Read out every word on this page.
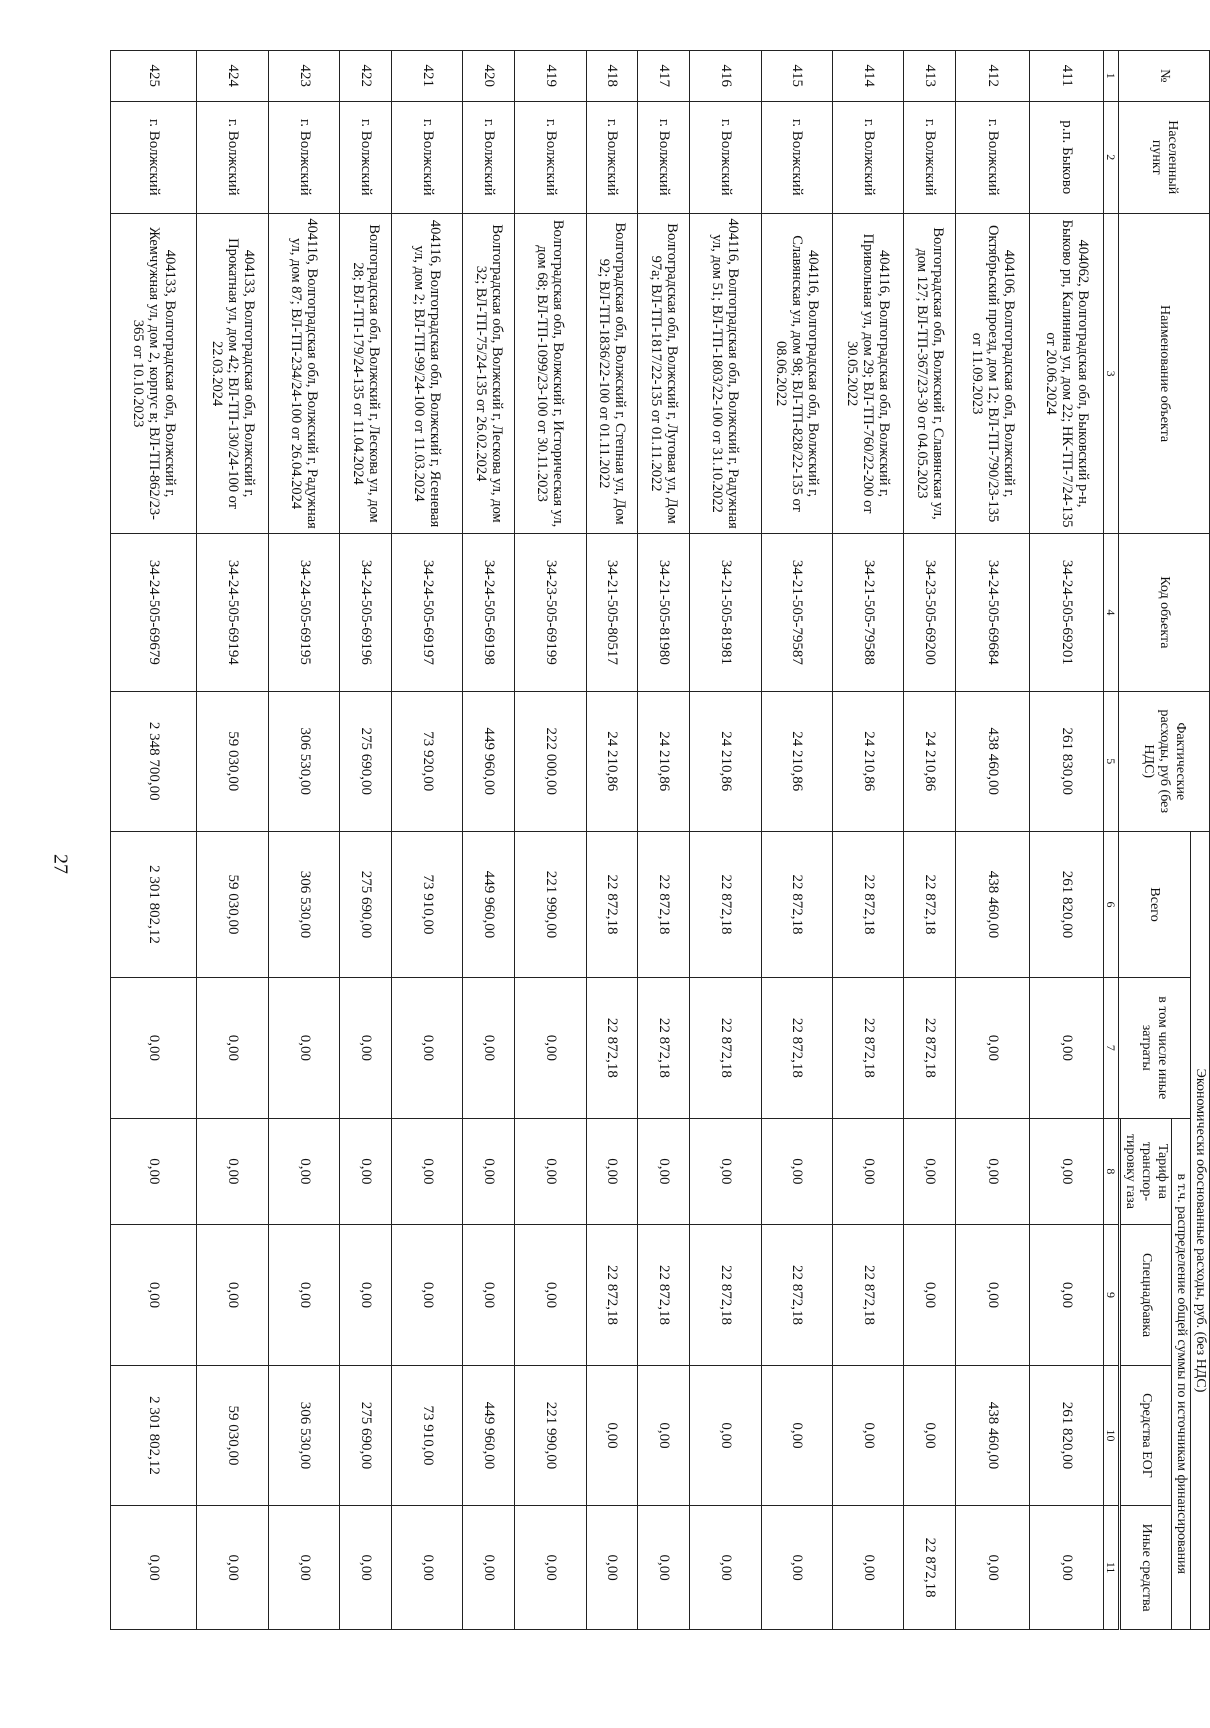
27
№	Населенный пункт	Наименование объекта	Код объекта	Фактические расходы, руб (без НДС)	Экономически обоснованные расходы, руб. (без НДС)					
					Всего	в том числе иные затраты	в т.ч. распределение общей суммы по источникам финансирования			
							Тариф на транспор-тировку газа	Спецнадбавка	Средства ЕОГ	Иные средства

1	2	3	4	5	6	7	8	9	10	11
411	р.п. Быково	404062, Волгоградская обл, Быковский р-н, Быково рп, Калинина ул, дом 22; НК-ТП-7/24-135 от 20.06.2024	34-24-505-69201	261 830,00	261 820,00	0,00	0,00	0,00	261 820,00	0,00
412	г. Волжский	404106, Волгоградская обл, Волжский г, Октябрьский проезд, дом 12; ВЛ-ТП-790/23-135 от 11.09.2023	34-24-505-69684	438 460,00	438 460,00	0,00	0,00	0,00	438 460,00	0,00
413	г. Волжский	Волгоградская обл, Волжский г, Славянская ул, дом 127; ВЛ-ТП-367/23-30 от 04.05.2023	34-23-505-69200	24 210,86	22 872,18	22 872,18	0,00	0,00	0,00	22 872,18
414	г. Волжский	404116, Волгоградская обл, Волжский г, Привольная ул, дом 29; ВЛ-ТП-760/22-200 от 30.05.2022	34-21-505-79588	24 210,86	22 872,18	22 872,18	0,00	22 872,18	0,00	0,00
415	г. Волжский	404116, Волгоградская обл, Волжский г, Славянская ул, дом 98; ВЛ-ТП-828/22-135 от 08.06.2022	34-21-505-79587	24 210,86	22 872,18	22 872,18	0,00	22 872,18	0,00	0,00
416	г. Волжский	404116, Волгоградская обл, Волжский г, Радужная ул, дом 51; ВЛ-ТП-1803/22-100 от 31.10.2022	34-21-505-81981	24 210,86	22 872,18	22 872,18	0,00	22 872,18	0,00	0,00
417	г. Волжский	Волгоградская обл, Волжский г, Луговая ул, Дом 97а; ВЛ-ТП-1817/22-135 от 01.11.2022	34-21-505-81980	24 210,86	22 872,18	22 872,18	0,00	22 872,18	0,00	0,00
418	г. Волжский	Волгоградская обл, Волжский г, Степная ул, Дом 92; ВЛ-ТП-1836/22-100 от 01.11.2022	34-21-505-80517	24 210,86	22 872,18	22 872,18	0,00	22 872,18	0,00	0,00
419	г. Волжский	Волгоградская обл, Волжский г, Историческая ул, дом 68; ВЛ-ТП-1099/23-100 от 30.11.2023	34-23-505-69199	222 000,00	221 990,00	0,00	0,00	0,00	221 990,00	0,00
420	г. Волжский	Волгоградская обл, Волжский г, Лескова ул, дом 32; ВЛ-ТП-75/24-135 от 26.02.2024	34-24-505-69198	449 960,00	449 960,00	0,00	0,00	0,00	449 960,00	0,00
421	г. Волжский	404116, Волгоградская обл, Волжский г, Ясеневая ул, дом 2; ВЛ-ТП-99/24-100 от 11.03.2024	34-24-505-69197	73 920,00	73 910,00	0,00	0,00	0,00	73 910,00	0,00
422	г. Волжский	Волгоградская обл, Волжский г, Лескова ул, дом 28; ВЛ-ТП-179/24-135 от 11.04.2024	34-24-505-69196	275 690,00	275 690,00	0,00	0,00	0,00	275 690,00	0,00
423	г. Волжский	404116, Волгоградская обл, Волжский г, Радужная ул, дом 87; ВЛ-ТП-234/24-100 от 26.04.2024	34-24-505-69195	306 530,00	306 530,00	0,00	0,00	0,00	306 530,00	0,00
424	г. Волжский	404133, Волгоградская обл, Волжский г, Прокатная ул, дом 42; ВЛ-ТП-130/24-100 от 22.03.2024	34-24-505-69194	59 030,00	59 030,00	0,00	0,00	0,00	59 030,00	0,00
425	г. Волжский	404133, Волгоградская обл, Волжский г, Жемчужная ул, дом 2, корпус в; ВЛ-ТП-862/23-365 от 10.10.2023	34-24-505-69679	2 348 700,00	2 301 802,12	0,00	0,00	0,00	2 301 802,12	0,00
